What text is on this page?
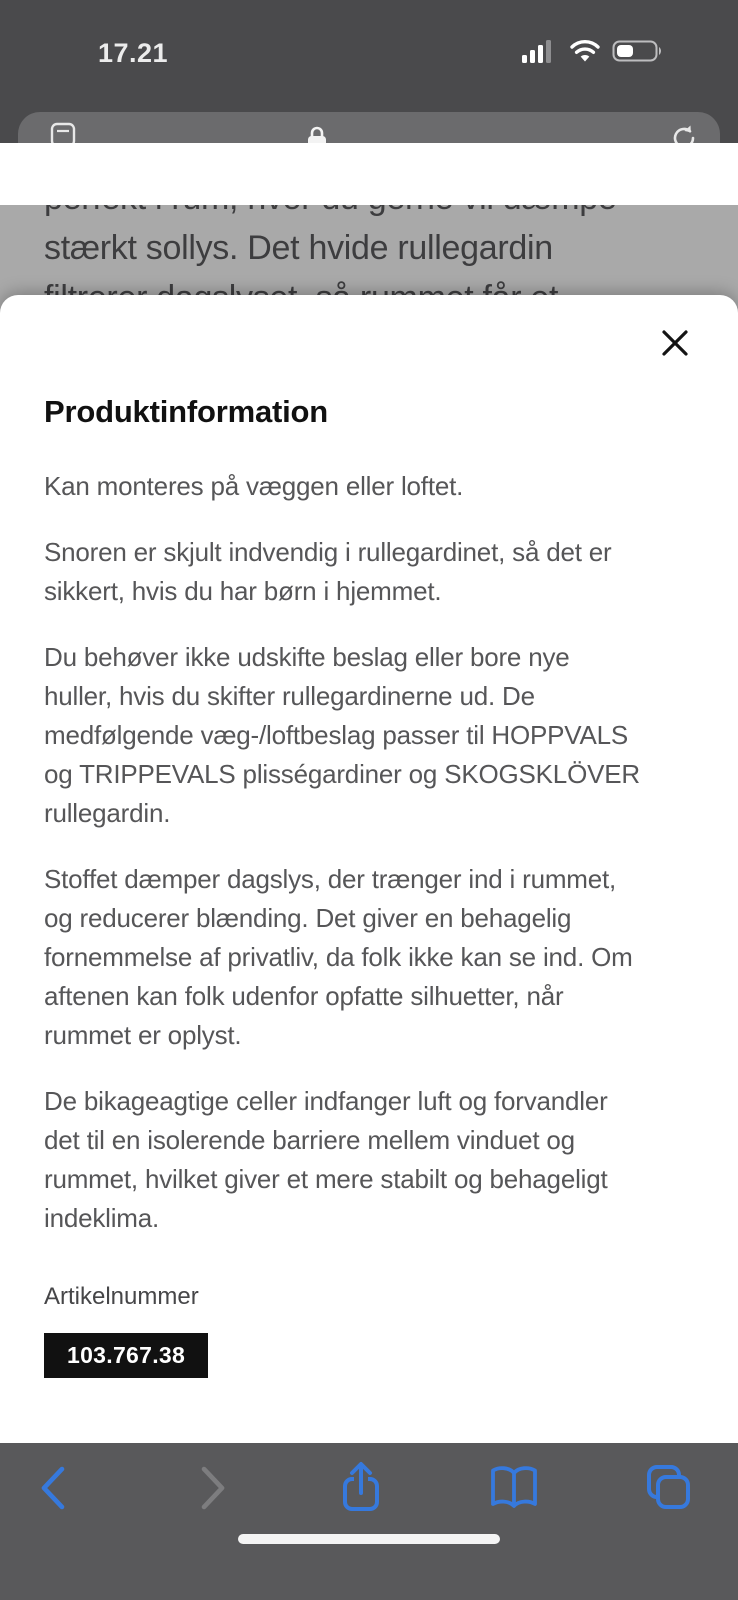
17.21
stærkt sollys. Det hvide rullegardin
Produktinformation

Kan monteres på væggen eller loftet.

Snoren er skjult indvendig i rullegardinet, så det er
sikkert, hvis du har børn i hjemmet.

Du behøver ikke udskifte beslag eller bore nye
huller, hvis du skifter rullegardinerne ud. De
medfølgende væg-/loftbeslag passer til HOPPVALS
og TRIPPEVALS plisségardiner og SKOGSKLÖVER
rullegardin.

Stoffet dæmper dagslys, der trænger ind i rummet,
og reducerer blænding. Det giver en behagelig
fornemmelse af privatliv, da folk ikke kan se ind. Om
aftenen kan folk udenfor opfatte silhuetter, når
rummet er oplyst.

De bikageagtige celler indfanger luft og forvandler
det til en isolerende barriere mellem vinduet og
rummet, hvilket giver et mere stabilt og behageligt
indeklima.

Artikelnummer
103.767.38
